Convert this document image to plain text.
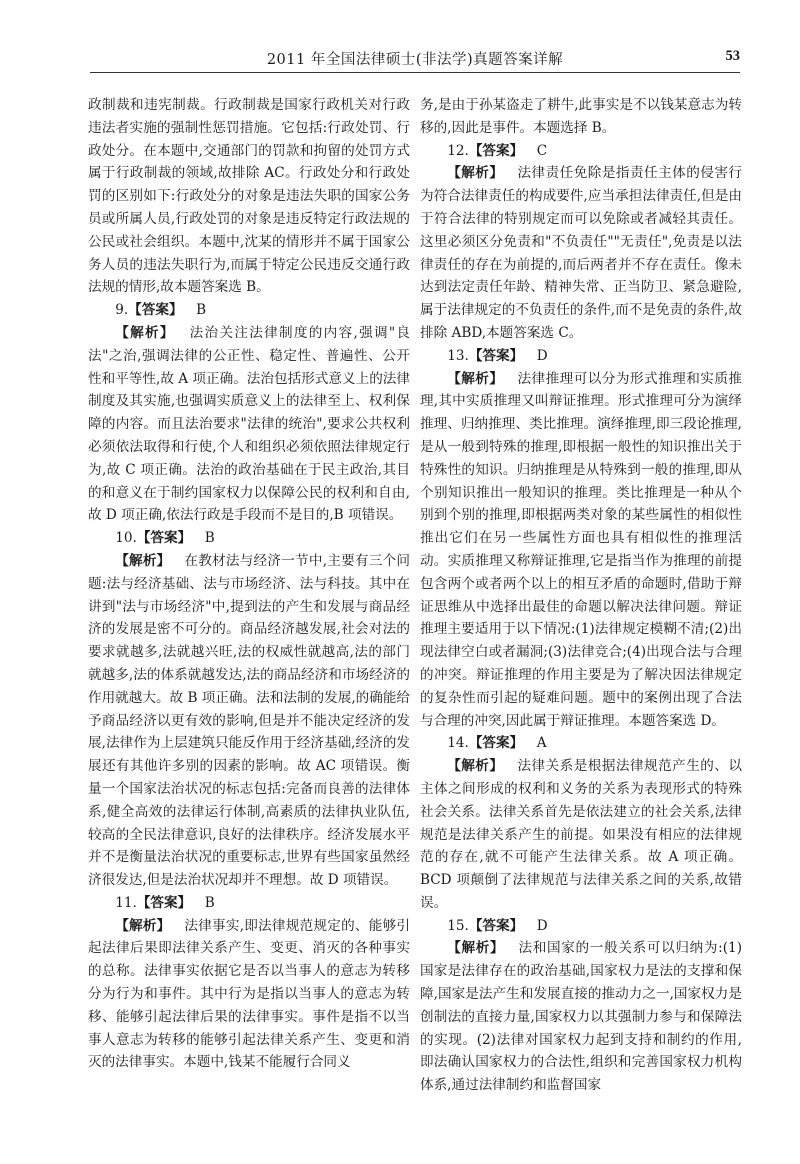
2011 年全国法律硕士(非法学)真题答案详解	53

政制裁和违宪制裁。行政制裁是国家行政机关对行政违法者实施的强制性惩罚措施。它包括:行政处罚、行政处分。在本题中,交通部门的罚款和拘留的处罚方式属于行政制裁的领域,故排除 AC。行政处分和行政处罚的区别如下:行政处分的对象是违法失职的国家公务员或所属人员,行政处罚的对象是违反特定行政法规的公民或社会组织。本题中,沈某的情形并不属于国家公务人员的违法失职行为,而属于特定公民违反交通行政法规的情形,故本题答案选 B。

9.【答案】  B

【解析】  法治关注法律制度的内容,强调"良法"之治,强调法律的公正性、稳定性、普遍性、公开性和平等性,故 A 项正确。法治包括形式意义上的法律制度及其实施,也强调实质意义上的法律至上、权利保障的内容。而且法治要求"法律的统治",要求公共权利必须依法取得和行使,个人和组织必须依照法律规定行为,故 C 项正确。法治的政治基础在于民主政治,其目的和意义在于制约国家权力以保障公民的权利和自由,故 D 项正确,依法行政是手段而不是目的,B 项错误。

10.【答案】  B

【解析】  在教材法与经济一节中,主要有三个问题:法与经济基础、法与市场经济、法与科技。其中在讲到"法与市场经济"中,提到法的产生和发展与商品经济的发展是密不可分的。商品经济越发展,社会对法的要求就越多,法就越兴旺,法的权威性就越高,法的部门就越多,法的体系就越发达,法的商品经济和市场经济的作用就越大。故 B 项正确。法和法制的发展,的确能给予商品经济以更有效的影响,但是并不能决定经济的发展,法律作为上层建筑只能反作用于经济基础,经济的发展还有其他许多别的因素的影响。故 AC 项错误。衡量一个国家法治状况的标志包括:完备而良善的法律体系,健全高效的法律运行体制,高素质的法律执业队伍,较高的全民法律意识,良好的法律秩序。经济发展水平并不是衡量法治状况的重要标志,世界有些国家虽然经济很发达,但是法治状况却并不理想。故 D 项错误。

11.【答案】  B

【解析】  法律事实,即法律规范规定的、能够引起法律后果即法律关系产生、变更、消灭的各种事实的总称。法律事实依据它是否以当事人的意志为转移分为行为和事件。其中行为是指以当事人的意志为转移、能够引起法律后果的法律事实。事件是指不以当事人意志为转移的能够引起法律关系产生、变更和消灭的法律事实。本题中,钱某不能履行合同义

务,是由于孙某盗走了耕牛,此事实是不以钱某意志为转移的,因此是事件。本题选择 B。

12.【答案】  C

【解析】  法律责任免除是指责任主体的侵害行为符合法律责任的构成要件,应当承担法律责任,但是由于符合法律的特别规定而可以免除或者减轻其责任。这里必须区分免责和"不负责任""无责任",免责是以法律责任的存在为前提的,而后两者并不存在责任。像未达到法定责任年龄、精神失常、正当防卫、紧急避险,属于法律规定的不负责任的条件,而不是免责的条件,故排除 ABD,本题答案选 C。

13.【答案】  D

【解析】  法律推理可以分为形式推理和实质推理,其中实质推理又叫辩证推理。形式推理可分为演绎推理、归纳推理、类比推理。演绎推理,即三段论推理,是从一般到特殊的推理,即根据一般性的知识推出关于特殊性的知识。归纳推理是从特殊到一般的推理,即从个别知识推出一般知识的推理。类比推理是一种从个别到个别的推理,即根据两类对象的某些属性的相似性推出它们在另一些属性方面也具有相似性的推理活动。实质推理又称辩证推理,它是指当作为推理的前提包含两个或者两个以上的相互矛盾的命题时,借助于辩证思维从中选择出最佳的命题以解决法律问题。辩证推理主要适用于以下情况:(1)法律规定模糊不清;(2)出现法律空白或者漏洞;(3)法律竞合;(4)出现合法与合理的冲突。辩证推理的作用主要是为了解决因法律规定的复杂性而引起的疑难问题。题中的案例出现了合法与合理的冲突,因此属于辩证推理。本题答案选 D。

14.【答案】  A

【解析】  法律关系是根据法律规范产生的、以主体之间形成的权利和义务的关系为表现形式的特殊社会关系。法律关系首先是依法建立的社会关系,法律规范是法律关系产生的前提。如果没有相应的法律规范的存在,就不可能产生法律关系。故 A 项正确。BCD 项颠倒了法律规范与法律关系之间的关系,故错误。

15.【答案】  D

【解析】  法和国家的一般关系可以归纳为:(1)国家是法律存在的政治基础,国家权力是法的支撑和保障,国家是法产生和发展直接的推动力之一,国家权力是创制法的直接力量,国家权力以其强制力参与和保障法的实现。(2)法律对国家权力起到支持和制约的作用,即法确认国家权力的合法性,组织和完善国家权力机构体系,通过法律制约和监督国家
